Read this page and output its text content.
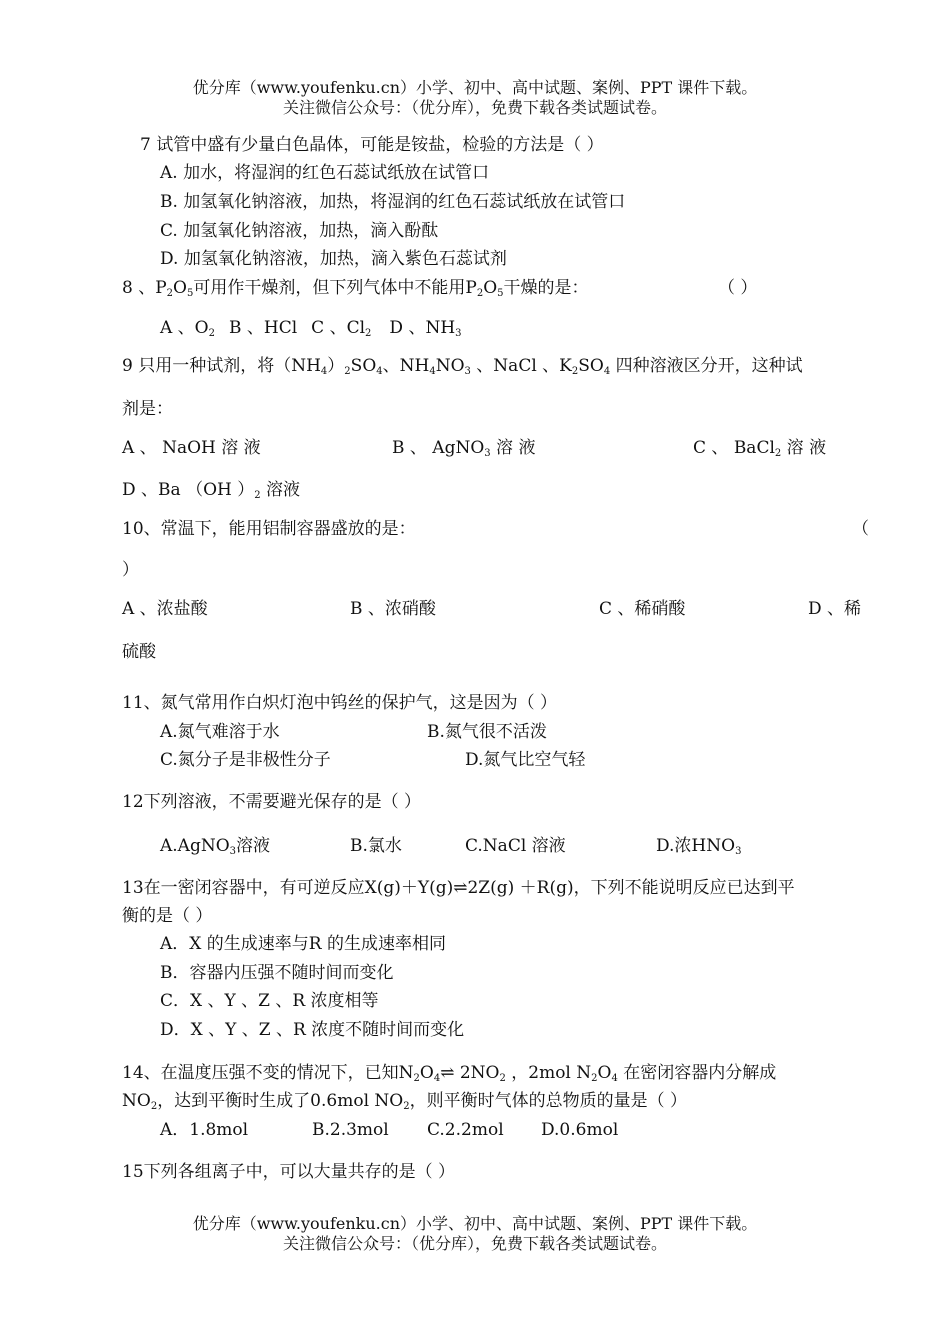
优分库（www.youfenku.cn）小学、初中、高中试题、案例、PPT 课件下载。
关注微信公众号：（优分库），免费下载各类试题试卷。
7 试管中盛有少量白色晶体，可能是铵盐，检验的方法是（ ）
A. 加水，将湿润的红色石蕊试纸放在试管口
B. 加氢氧化钠溶液，加热，将湿润的红色石蕊试纸放在试管口
C. 加氢氧化钠溶液，加热，滴入酚酞
D. 加氢氧化钠溶液，加热，滴入紫色石蕊试剂
8 、$P_2O_5$可用作干燥剂，但下列气体中不能用$P_2O_5$干燥的是：	（ ）
A 、$O_2$ B 、HCl C 、$Cl_2$ D 、$NH_3$
9 只用一种试剂，将$(NH_4)_2SO_4$、$NH_4NO_3$ 、NaCl 、$K_2SO_4$ 四种溶液区分开，这种试
剂是：
A 、 NaOH 溶 液	B 、 AgNO$_3$ 溶 液	C 、 BaCl$_2$ 溶 液
D 、Ba （OH ）$_2$ 溶液
10、常温下，能用铝制容器盛放的是：	（
）
A 、浓盐酸	B 、浓硝酸	C 、稀硝酸	D 、稀
硫酸
11、氮气常用作白炽灯泡中钨丝的保护气，这是因为（ ）
A.氮气难溶于水	B.氮气很不活泼
C.氮分子是非极性分子	D.氮气比空气轻
12下列溶液，不需要避光保存的是（ ）
A.AgNO$_3$溶液	B.氯水	C.NaCl 溶液	D.浓$HNO_3$
13在一密闭容器中，有可逆反应X(g)＋Y(g)⇌2Z(g) ＋R(g)，下列不能说明反应已达到平
衡的是（ ）
A．X 的生成速率与R 的生成速率相同
B．容器内压强不随时间而变化
C．X 、Y 、Z 、R 浓度相等
D．X 、Y 、Z 、R 浓度不随时间而变化
14、在温度压强不变的情况下，已知$N_2O_4\rightleftharpoons$ $2NO_2$ ，2mol $N_2O_4$ 在密闭容器内分解成
$NO_2$，达到平衡时生成了0.6mol $NO_2$，则平衡时气体的总物质的量是（ ）
A．1.8mol	B.2.3mol C.2.2mol D.0.6mol
15下列各组离子中，可以大量共存的是（ ）
优分库（www.youfenku.cn）小学、初中、高中试题、案例、PPT 课件下载。
关注微信公众号：（优分库），免费下载各类试题试卷。
